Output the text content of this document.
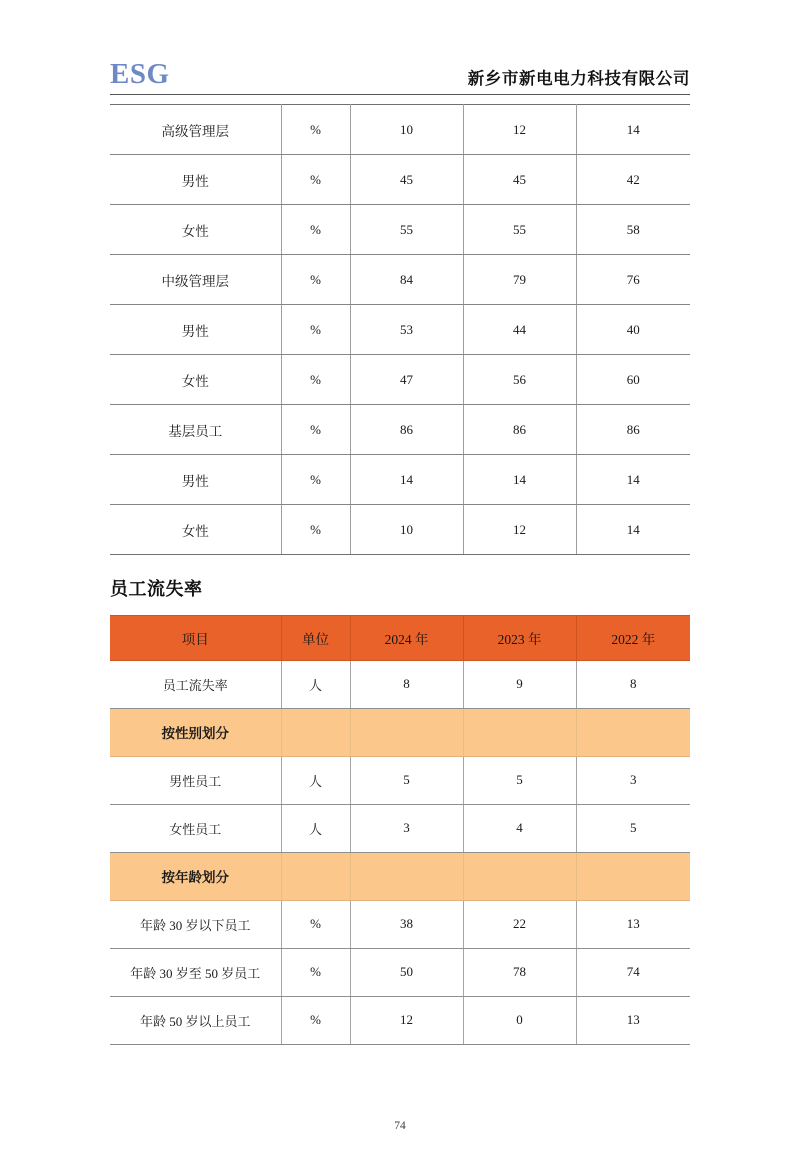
ESG	新乡市新电电力科技有限公司
高级管理层	%	10	12	14
男性	%	45	45	42
女性	%	55	55	58
中级管理层	%	84	79	76
男性	%	53	44	40
女性	%	47	56	60
基层员工	%	86	86	86
男性	%	14	14	14
女性	%	10	12	14
员工流失率
项目	单位	2024 年	2023 年	2022 年
员工流失率	人	8	9	8
按性别划分				
男性员工	人	5	5	3
女性员工	人	3	4	5
按年龄划分				
年龄 30 岁以下员工	%	38	22	13
年龄 30 岁至 50 岁员工	%	50	78	74
年龄 50 岁以上员工	%	12	0	13
74
